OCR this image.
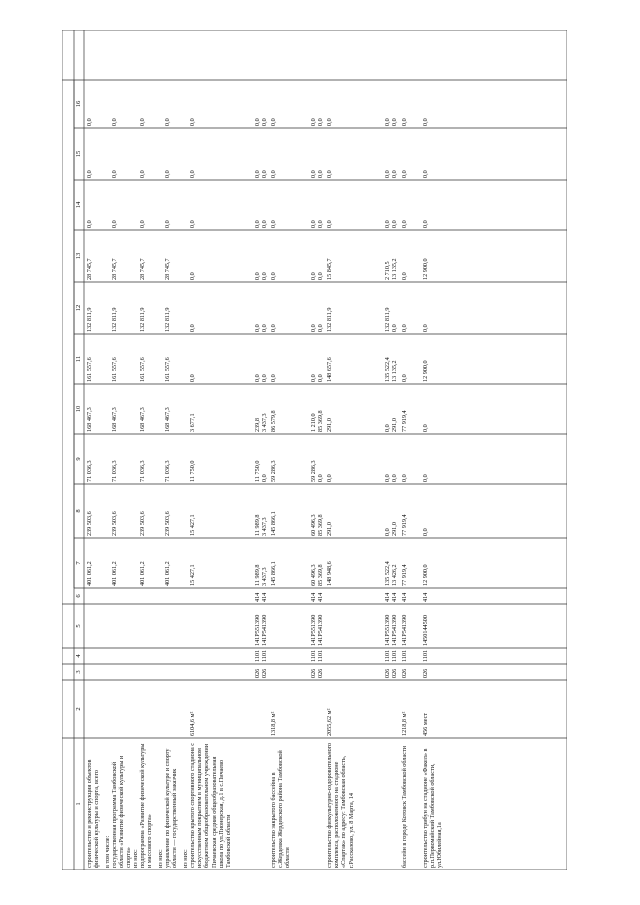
1
2
3
4
5
6
7
8
9
10
11
12
13
14
15
16
строительство и реконструкция объектов физической культуры и спорта, всего
401 061,2
239 503,6
71 036,3
168 467,3
161 557,6
132 811,9
28 745,7
0,0
0,0
0,0
в том числе: государственная программа Тамбовской области «Развитие физической культуры и спорта»
401 061,2
239 503,6
71 036,3
168 467,3
161 557,6
132 811,9
28 745,7
0,0
0,0
0,0
из них: подпрограмма «Развитие физической культуры и массового спорта»
401 061,2
239 503,6
71 036,3
168 467,3
161 557,6
132 811,9
28 745,7
0,0
0,0
0,0
из них: управление по физической культуре и спорту области — государственный заказчик
401 061,2
239 503,6
71 036,3
168 467,3
161 557,6
132 811,9
28 745,7
0,0
0,0
0,0
из них: строительство крытого спортивного стадиона с искусственным покрытием в муниципальном бюджетном общеобразовательном учреждении Пичаевская средняя общеобразовательная школа по ул.Пионерская, д.1 в с.Пичаево Тамбовской области
6104,6 м²
15 427,1
15 427,1
11 750,0
3 677,1
0,0
0,0
0,0
0,0
0,0
0,0
026
026
1101
1101
141P551390
141P541390
414
414
11 989,8
3 437,3
11 989,8
3 437,3
11 750,0
0,0
239,8
3 437,3
0,0
0,0
0,0
0,0
0,0
0,0
0,0
0,0
0,0
0,0
0,0
0,0
строительство закрытого бассейна в с.Жердевка Жердевского района Тамбовской области
1318,8 м²
145 866,1
145 866,1
59 286,3
86 579,8
0,0
0,0
0,0
0,0
0,0
0,0
026
026
1101
1101
141P551390
141P541390
414
414
60 496,3
85 369,8
60 496,3
85 369,8
59 286,3
0,0
1 210,0
85 369,8
0,0
0,0
0,0
0,0
0,0
0,0
0,0
0,0
0,0
0,0
0,0
0,0
строительство физкультурно-оздоровительного комплекса, расположенного на стадионе «Спартак» по адресу: Тамбовская область, г.Рассказово, ул. 8 Марта, 14
2055,62 м²
148 948,6
291,0
0,0
291,0
148 657,6
132 811,9
15 845,7
0,0
0,0
0,0
026
026
1101
1101
141P551390
141P541390
414
414
135 522,4
13 426,2
0,0
291,0
0,0
0,0
0,0
291,0
135 522,4
13 135,2
132 811,9
0,0
2 710,5
13 135,2
0,0
0,0
0,0
0,0
0,0
0,0
бассейн в городе Котовск Тамбовской области
1218,8 м²
026
1101
141P541390
414
77 919,4
77 919,4
0,0
77 919,4
0,0
0,0
0,0
0,0
0,0
0,0
строительство трибун на стадионе «Факел» в р.п.Первомайский Тамбовской области, ул.Юбилейная,1а
456 мест
026
1101
1450144500
414
12 900,0
0,0
0,0
0,0
12 900,0
0,0
12 900,0
0,0
0,0
0,0
